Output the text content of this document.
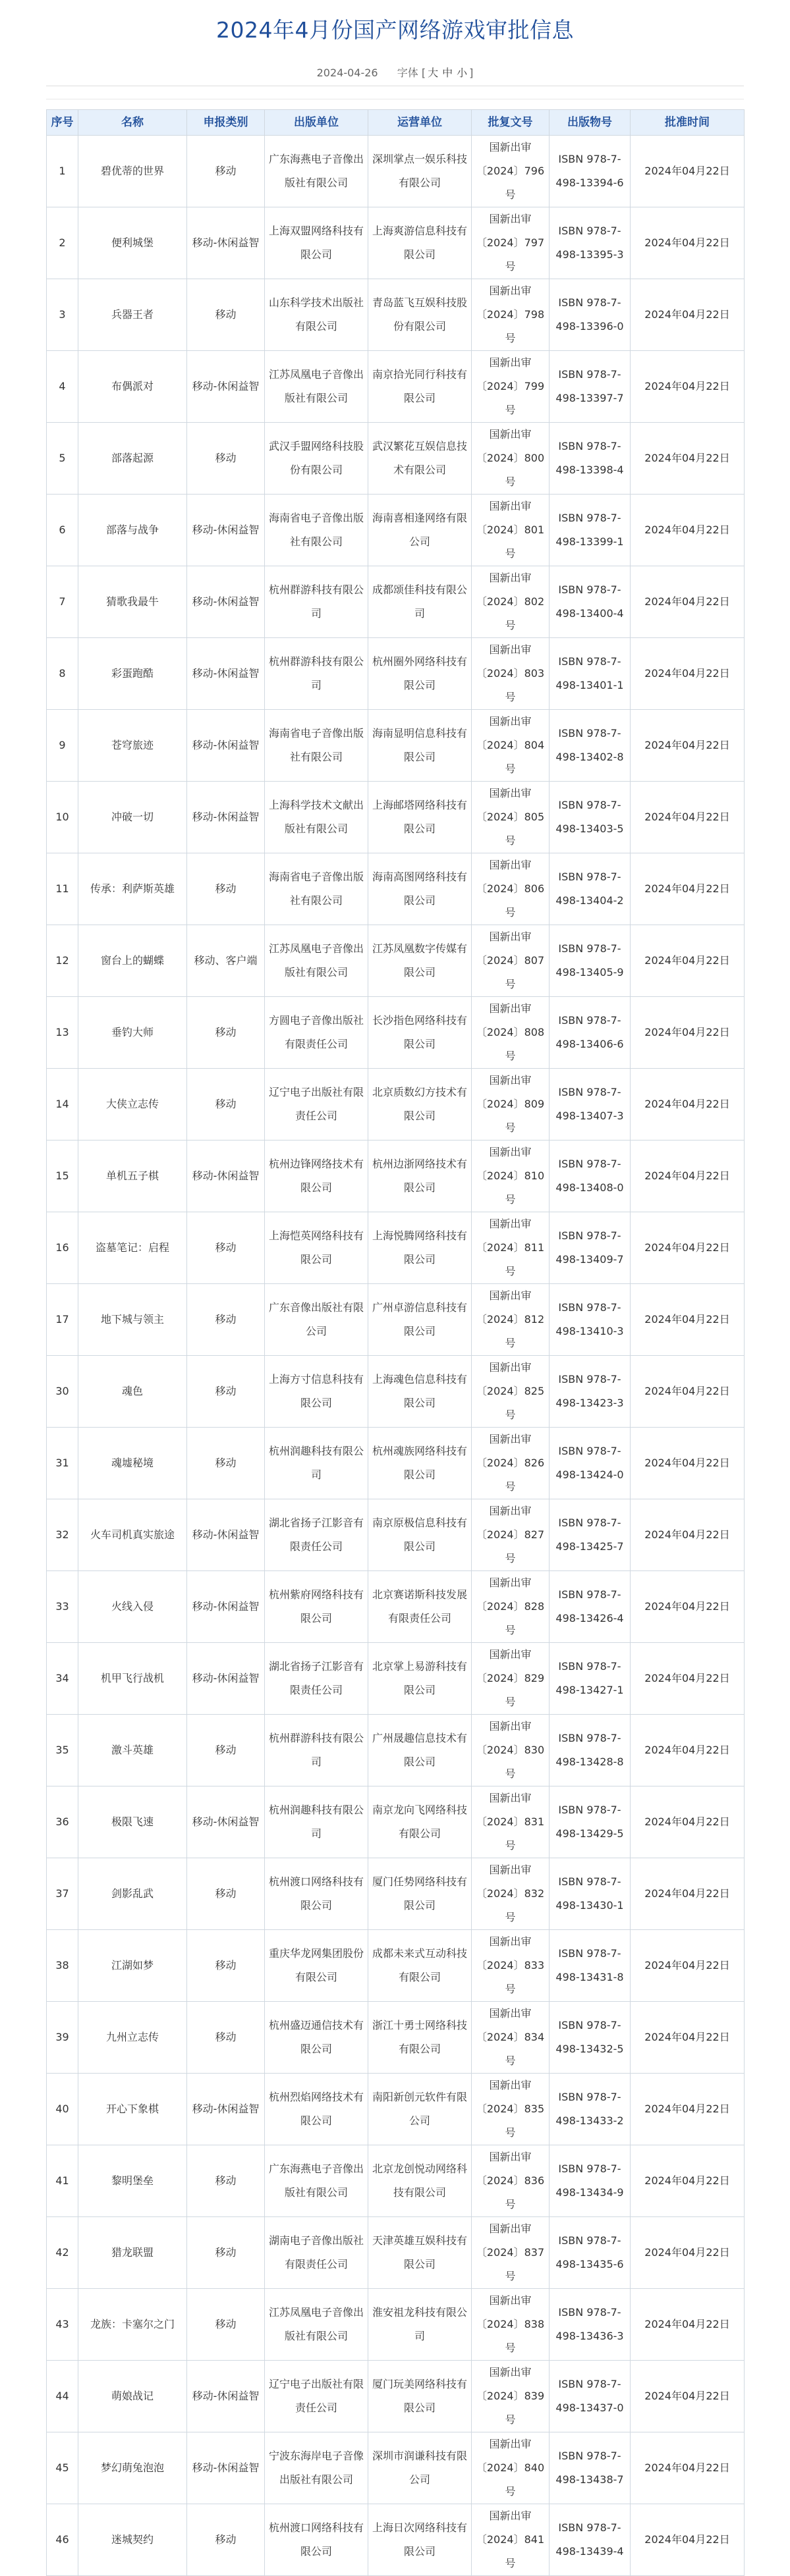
2024年4月份国产网络游戏审批信息
2024-04-26 字体 [ 大 中 小 ]
序号	名称	申报类别	出版单位	运营单位	批复文号	出版物号	批准时间
1	碧优蒂的世界	移动	广东海燕电子音像出版社有限公司	深圳掌点一娱乐科技有限公司	国新出审〔2024〕796号	ISBN 978-7-498-13394-6	2024年04月22日
2	便利城堡	移动-休闲益智	上海双盟网络科技有限公司	上海爽游信息科技有限公司	国新出审〔2024〕797号	ISBN 978-7-498-13395-3	2024年04月22日
3	兵器王者	移动	山东科学技术出版社有限公司	青岛蓝飞互娱科技股份有限公司	国新出审〔2024〕798号	ISBN 978-7-498-13396-0	2024年04月22日
4	布偶派对	移动-休闲益智	江苏凤凰电子音像出版社有限公司	南京拾光同行科技有限公司	国新出审〔2024〕799号	ISBN 978-7-498-13397-7	2024年04月22日
5	部落起源	移动	武汉手盟网络科技股份有限公司	武汉繁花互娱信息技术有限公司	国新出审〔2024〕800号	ISBN 978-7-498-13398-4	2024年04月22日
6	部落与战争	移动-休闲益智	海南省电子音像出版社有限公司	海南喜相逢网络有限公司	国新出审〔2024〕801号	ISBN 978-7-498-13399-1	2024年04月22日
7	猜歌我最牛	移动-休闲益智	杭州群游科技有限公司	成都颂佳科技有限公司	国新出审〔2024〕802号	ISBN 978-7-498-13400-4	2024年04月22日
8	彩蛋跑酷	移动-休闲益智	杭州群游科技有限公司	杭州圈外网络科技有限公司	国新出审〔2024〕803号	ISBN 978-7-498-13401-1	2024年04月22日
9	苍穹旅迹	移动-休闲益智	海南省电子音像出版社有限公司	海南显明信息科技有限公司	国新出审〔2024〕804号	ISBN 978-7-498-13402-8	2024年04月22日
10	冲破一切	移动-休闲益智	上海科学技术文献出版社有限公司	上海邮塔网络科技有限公司	国新出审〔2024〕805号	ISBN 978-7-498-13403-5	2024年04月22日
11	传承：利萨斯英雄	移动	海南省电子音像出版社有限公司	海南高图网络科技有限公司	国新出审〔2024〕806号	ISBN 978-7-498-13404-2	2024年04月22日
12	窗台上的蝴蝶	移动、客户端	江苏凤凰电子音像出版社有限公司	江苏凤凰数字传媒有限公司	国新出审〔2024〕807号	ISBN 978-7-498-13405-9	2024年04月22日
13	垂钓大师	移动	方圆电子音像出版社有限责任公司	长沙指色网络科技有限公司	国新出审〔2024〕808号	ISBN 978-7-498-13406-6	2024年04月22日
14	大侠立志传	移动	辽宁电子出版社有限责任公司	北京质数幻方技术有限公司	国新出审〔2024〕809号	ISBN 978-7-498-13407-3	2024年04月22日
15	单机五子棋	移动-休闲益智	杭州边锋网络技术有限公司	杭州边浙网络技术有限公司	国新出审〔2024〕810号	ISBN 978-7-498-13408-0	2024年04月22日
16	盗墓笔记：启程	移动	上海恺英网络科技有限公司	上海悦腾网络科技有限公司	国新出审〔2024〕811号	ISBN 978-7-498-13409-7	2024年04月22日
17	地下城与领主	移动	广东音像出版社有限公司	广州卓游信息科技有限公司	国新出审〔2024〕812号	ISBN 978-7-498-13410-3	2024年04月22日
30	魂色	移动	上海方寸信息科技有限公司	上海魂色信息科技有限公司	国新出审〔2024〕825号	ISBN 978-7-498-13423-3	2024年04月22日
31	魂墟秘境	移动	杭州润趣科技有限公司	杭州魂族网络科技有限公司	国新出审〔2024〕826号	ISBN 978-7-498-13424-0	2024年04月22日
32	火车司机真实旅途	移动-休闲益智	湖北省扬子江影音有限责任公司	南京原极信息科技有限公司	国新出审〔2024〕827号	ISBN 978-7-498-13425-7	2024年04月22日
33	火线入侵	移动-休闲益智	杭州紫府网络科技有限公司	北京赛诺斯科技发展有限责任公司	国新出审〔2024〕828号	ISBN 978-7-498-13426-4	2024年04月22日
34	机甲飞行战机	移动-休闲益智	湖北省扬子江影音有限责任公司	北京掌上易游科技有限公司	国新出审〔2024〕829号	ISBN 978-7-498-13427-1	2024年04月22日
35	激斗英雄	移动	杭州群游科技有限公司	广州晟趣信息技术有限公司	国新出审〔2024〕830号	ISBN 978-7-498-13428-8	2024年04月22日
36	极限飞速	移动-休闲益智	杭州润趣科技有限公司	南京龙向飞网络科技有限公司	国新出审〔2024〕831号	ISBN 978-7-498-13429-5	2024年04月22日
37	剑影乱武	移动	杭州渡口网络科技有限公司	厦门任势网络科技有限公司	国新出审〔2024〕832号	ISBN 978-7-498-13430-1	2024年04月22日
38	江湖如梦	移动	重庆华龙网集团股份有限公司	成都未来式互动科技有限公司	国新出审〔2024〕833号	ISBN 978-7-498-13431-8	2024年04月22日
39	九州立志传	移动	杭州盛迈通信技术有限公司	浙江十勇士网络科技有限公司	国新出审〔2024〕834号	ISBN 978-7-498-13432-5	2024年04月22日
40	开心下象棋	移动-休闲益智	杭州烈焰网络技术有限公司	南阳新创元软件有限公司	国新出审〔2024〕835号	ISBN 978-7-498-13433-2	2024年04月22日
41	黎明堡垒	移动	广东海燕电子音像出版社有限公司	北京龙创悦动网络科技有限公司	国新出审〔2024〕836号	ISBN 978-7-498-13434-9	2024年04月22日
42	猎龙联盟	移动	湖南电子音像出版社有限责任公司	天津英雄互娱科技有限公司	国新出审〔2024〕837号	ISBN 978-7-498-13435-6	2024年04月22日
43	龙族：卡塞尔之门	移动	江苏凤凰电子音像出版社有限公司	淮安祖龙科技有限公司	国新出审〔2024〕838号	ISBN 978-7-498-13436-3	2024年04月22日
44	萌娘战记	移动-休闲益智	辽宁电子出版社有限责任公司	厦门玩美网络科技有限公司	国新出审〔2024〕839号	ISBN 978-7-498-13437-0	2024年04月22日
45	梦幻萌兔泡泡	移动-休闲益智	宁波东海岸电子音像出版社有限公司	深圳市润谦科技有限公司	国新出审〔2024〕840号	ISBN 978-7-498-13438-7	2024年04月22日
46	迷城契约	移动	杭州渡口网络科技有限公司	上海日次网络科技有限公司	国新出审〔2024〕841号	ISBN 978-7-498-13439-4	2024年04月22日
